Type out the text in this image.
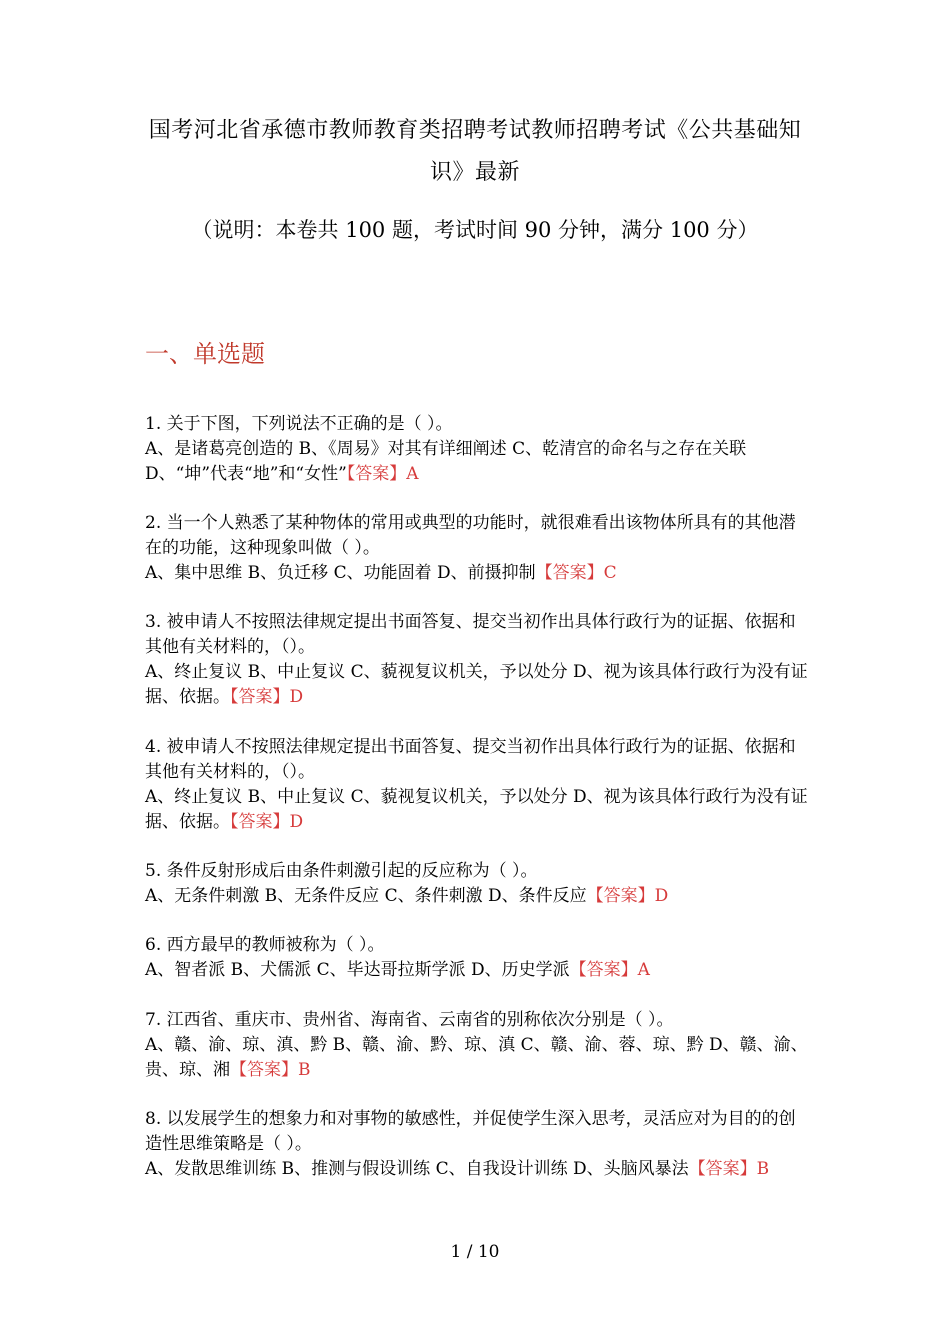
国考河北省承德市教师教育类招聘考试教师招聘考试《公共基础知识》最新
（说明：本卷共 100 题，考试时间 90 分钟，满分 100 分）
一、单选题
1. 关于下图，下列说法不正确的是（ ）。
A、是诸葛亮创造的 B、《周易》对其有详细阐述 C、乾清宫的命名与之存在关联 D、“坤”代表“地”和“女性”【答案】A
2. 当一个人熟悉了某种物体的常用或典型的功能时，就很难看出该物体所具有的其他潜在的功能，这种现象叫做（ ）。
A、集中思维 B、负迁移 C、功能固着 D、前摄抑制【答案】C
3. 被申请人不按照法律规定提出书面答复、提交当初作出具体行政行为的证据、依据和其他有关材料的，（）。
A、终止复议 B、中止复议 C、藐视复议机关，予以处分 D、视为该具体行政行为没有证据、依据。【答案】D
4. 被申请人不按照法律规定提出书面答复、提交当初作出具体行政行为的证据、依据和其他有关材料的，（）。
A、终止复议 B、中止复议 C、藐视复议机关，予以处分 D、视为该具体行政行为没有证据、依据。【答案】D
5. 条件反射形成后由条件刺激引起的反应称为（ ）。
A、无条件刺激 B、无条件反应 C、条件刺激 D、条件反应【答案】D
6. 西方最早的教师被称为（ ）。
A、智者派 B、犬儒派 C、毕达哥拉斯学派 D、历史学派【答案】A
7. 江西省、重庆市、贵州省、海南省、云南省的别称依次分别是（ ）。
A、赣、渝、琼、滇、黔 B、赣、渝、黔、琼、滇 C、赣、渝、蓉、琼、黔 D、赣、渝、贵、琼、湘【答案】B
8. 以发展学生的想象力和对事物的敏感性，并促使学生深入思考，灵活应对为目的的创造性思维策略是（ ）。
A、发散思维训练 B、推测与假设训练 C、自我设计训练 D、头脑风暴法【答案】B
1 / 10
